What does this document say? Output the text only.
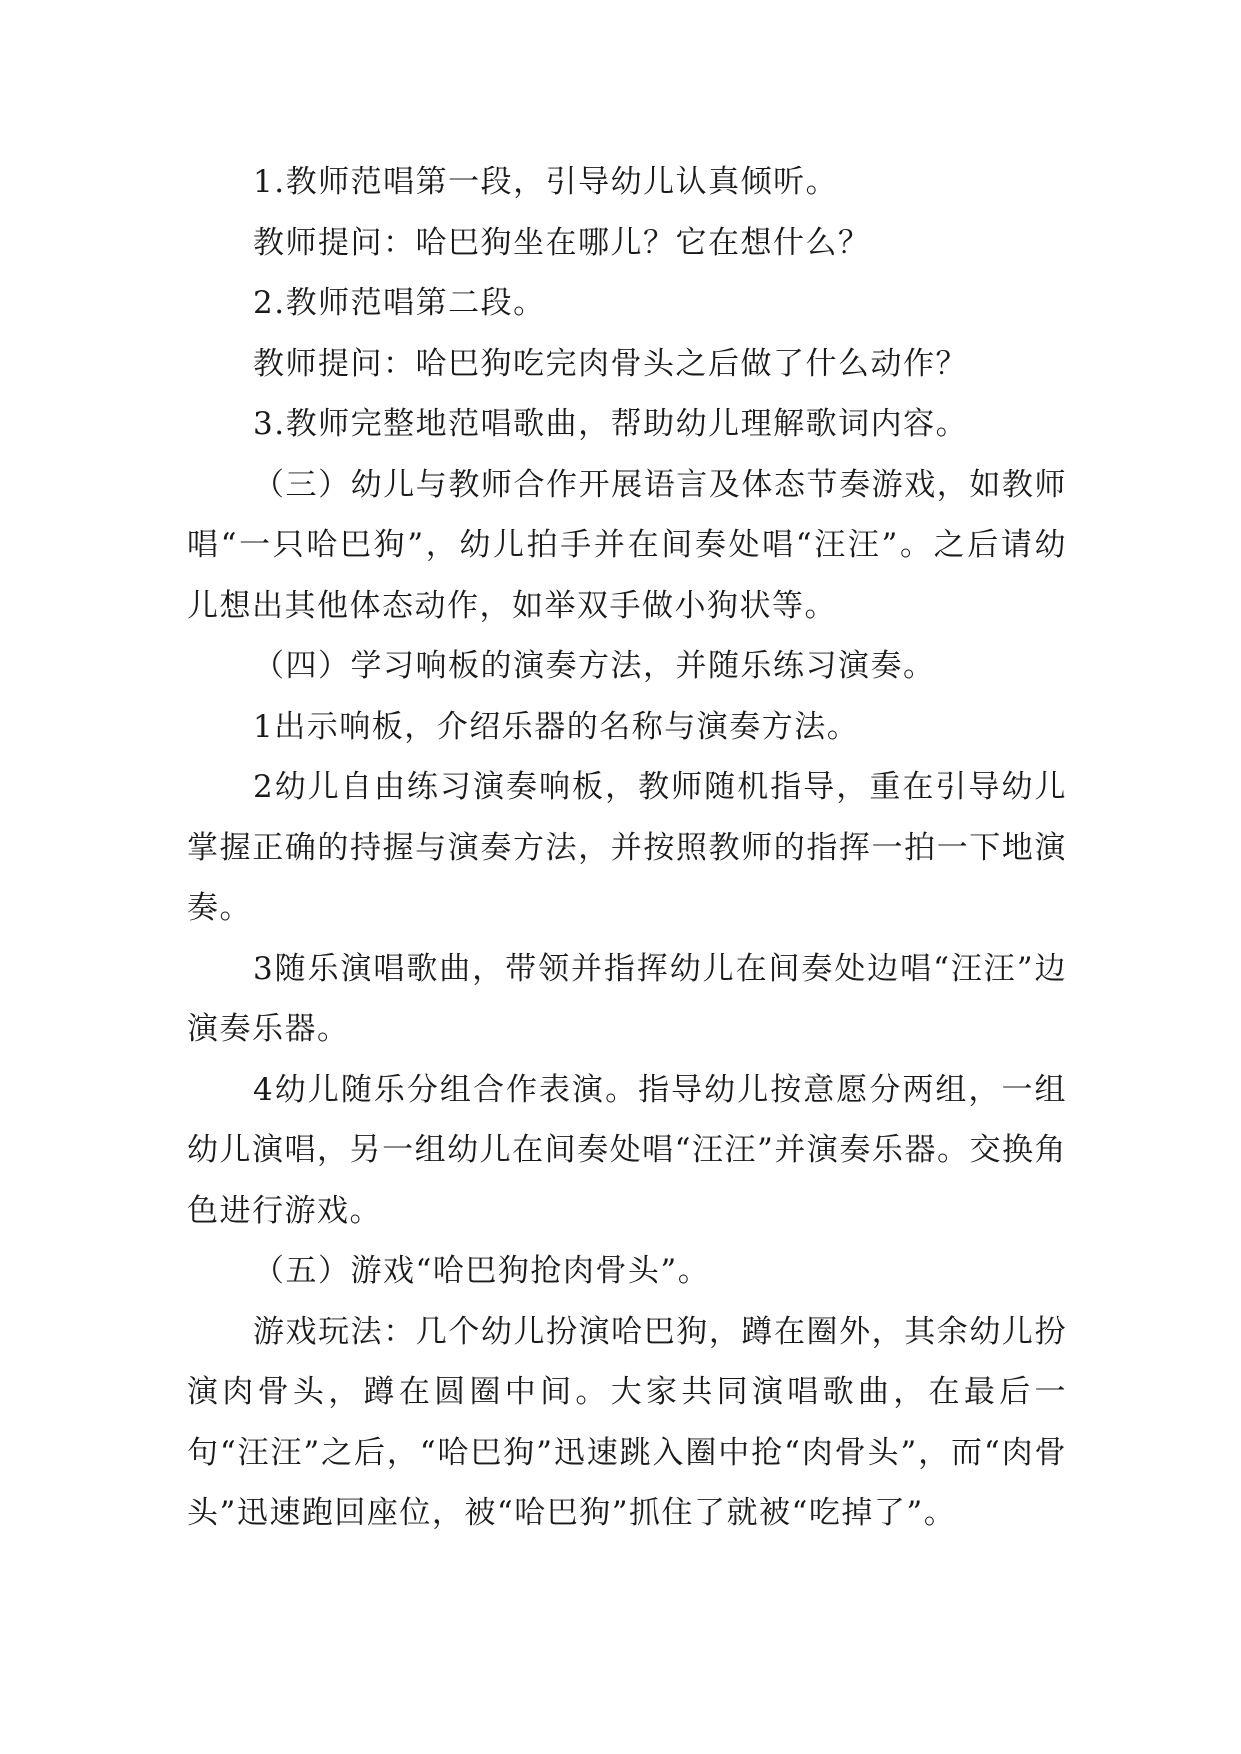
1.教师范唱第一段，引导幼儿认真倾听。

教师提问：哈巴狗坐在哪儿？它在想什么？

2.教师范唱第二段。

教师提问：哈巴狗吃完肉骨头之后做了什么动作？

3.教师完整地范唱歌曲，帮助幼儿理解歌词内容。

（三）幼儿与教师合作开展语言及体态节奏游戏，如教师唱“一只哈巴狗”，幼儿拍手并在间奏处唱“汪汪”。之后请幼儿想出其他体态动作，如举双手做小狗状等。

（四）学习响板的演奏方法，并随乐练习演奏。

1出示响板，介绍乐器的名称与演奏方法。

2幼儿自由练习演奏响板，教师随机指导，重在引导幼儿掌握正确的持握与演奏方法，并按照教师的指挥一拍一下地演奏。

3随乐演唱歌曲，带领并指挥幼儿在间奏处边唱“汪汪”边演奏乐器。

4幼儿随乐分组合作表演。指导幼儿按意愿分两组，一组幼儿演唱，另一组幼儿在间奏处唱“汪汪”并演奏乐器。交换角色进行游戏。

（五）游戏“哈巴狗抢肉骨头”。

游戏玩法：几个幼儿扮演哈巴狗，蹲在圈外，其余幼儿扮演肉骨头，蹲在圆圈中间。大家共同演唱歌曲，在最后一句“汪汪”之后，“哈巴狗”迅速跳入圈中抢“肉骨头”，而“肉骨头”迅速跑回座位，被“哈巴狗”抓住了就被“吃掉了”。
